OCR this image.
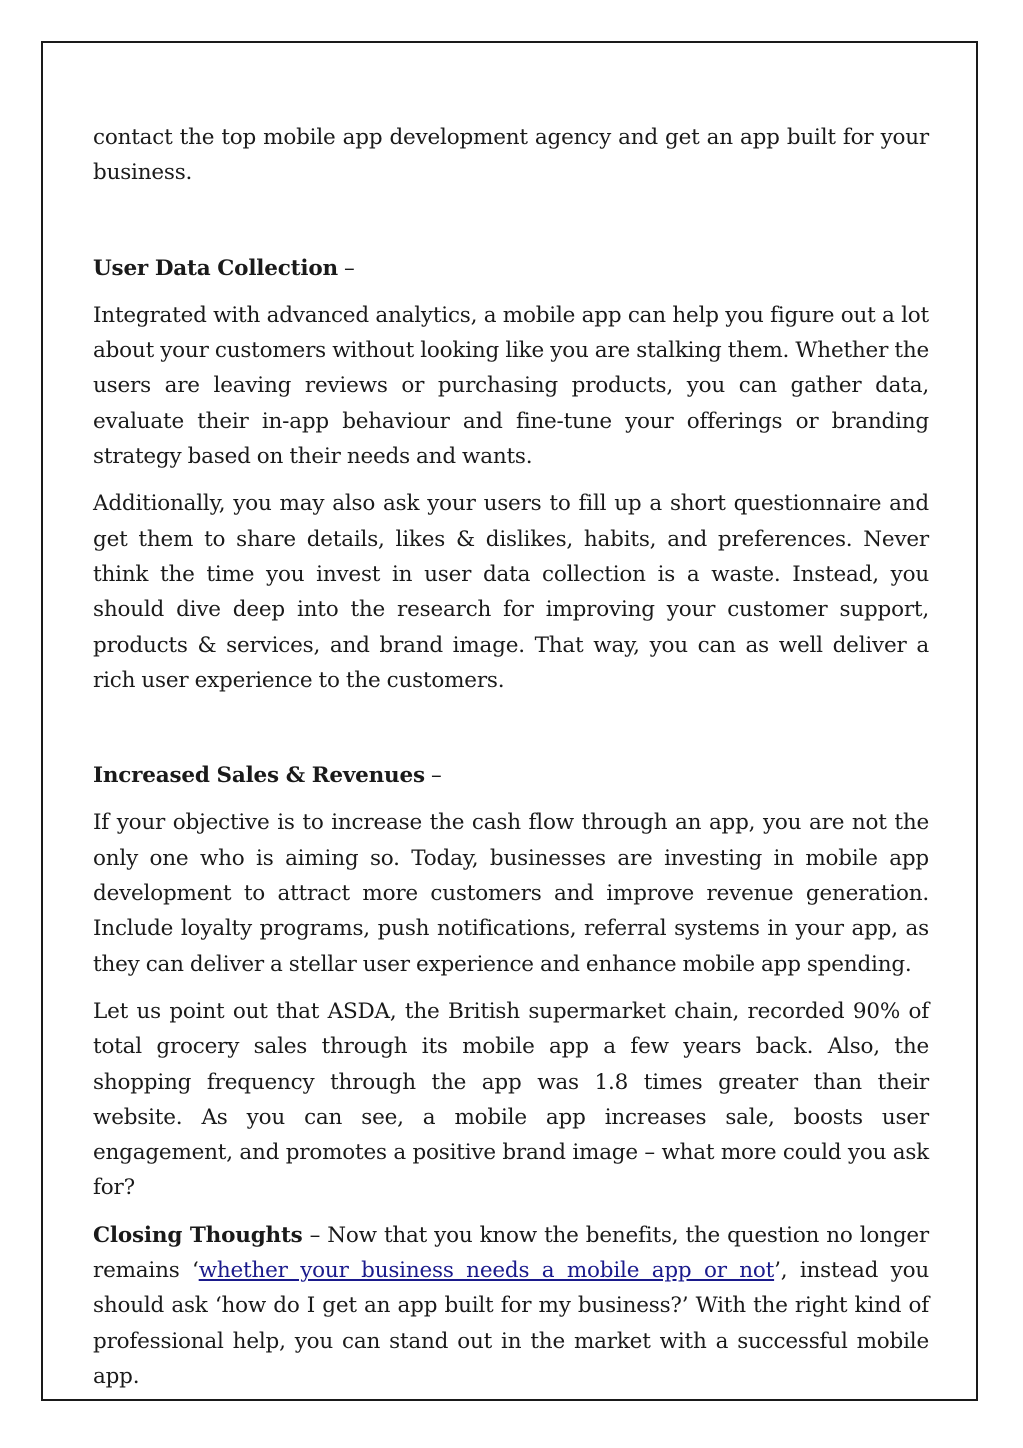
contact the top mobile app development agency and get an app built for your business.

User Data Collection –

Integrated with advanced analytics, a mobile app can help you figure out a lot about your customers without looking like you are stalking them. Whether the users are leaving reviews or purchasing products, you can gather data, evaluate their in-app behaviour and fine-tune your offerings or branding strategy based on their needs and wants.

Additionally, you may also ask your users to fill up a short questionnaire and get them to share details, likes & dislikes, habits, and preferences. Never think the time you invest in user data collection is a waste. Instead, you should dive deep into the research for improving your customer support, products & services, and brand image. That way, you can as well deliver a rich user experience to the customers.

Increased Sales & Revenues –

If your objective is to increase the cash flow through an app, you are not the only one who is aiming so. Today, businesses are investing in mobile app development to attract more customers and improve revenue generation. Include loyalty programs, push notifications, referral systems in your app, as they can deliver a stellar user experience and enhance mobile app spending.

Let us point out that ASDA, the British supermarket chain, recorded 90% of total grocery sales through its mobile app a few years back. Also, the shopping frequency through the app was 1.8 times greater than their website. As you can see, a mobile app increases sale, boosts user engagement, and promotes a positive brand image – what more could you ask for?

Closing Thoughts – Now that you know the benefits, the question no longer remains ‘whether your business needs a mobile app or not’, instead you should ask ‘how do I get an app built for my business?’ With the right kind of professional help, you can stand out in the market with a successful mobile app.
